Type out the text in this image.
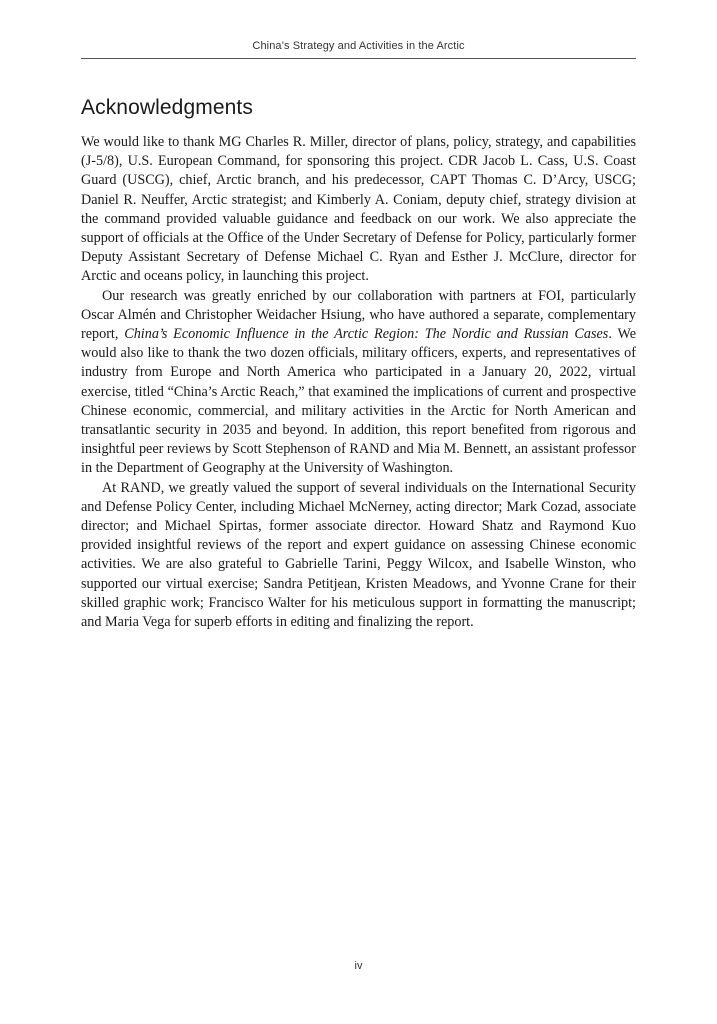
China’s Strategy and Activities in the Arctic
Acknowledgments

We would like to thank MG Charles R. Miller, director of plans, policy, strategy, and capabilities (J-5/8), U.S. European Command, for sponsoring this project. CDR Jacob L. Cass, U.S. Coast Guard (USCG), chief, Arctic branch, and his predecessor, CAPT Thomas C. D’Arcy, USCG; Daniel R. Neuffer, Arctic strategist; and Kimberly A. Coniam, deputy chief, strategy division at the command provided valuable guidance and feedback on our work. We also appreciate the support of officials at the Office of the Under Secretary of Defense for Policy, particularly former Deputy Assistant Secretary of Defense Michael C. Ryan and Esther J. McClure, director for Arctic and oceans policy, in launching this project.

Our research was greatly enriched by our collaboration with partners at FOI, particularly Oscar Almén and Christopher Weidacher Hsiung, who have authored a separate, complementary report, China’s Economic Influence in the Arctic Region: The Nordic and Russian Cases. We would also like to thank the two dozen officials, military officers, experts, and representatives of industry from Europe and North America who participated in a January 20, 2022, virtual exercise, titled “China’s Arctic Reach,” that examined the implications of current and prospective Chinese economic, commercial, and military activities in the Arctic for North American and transatlantic security in 2035 and beyond. In addition, this report benefited from rigorous and insightful peer reviews by Scott Stephenson of RAND and Mia M. Bennett, an assistant professor in the Department of Geography at the University of Washington.

At RAND, we greatly valued the support of several individuals on the International Security and Defense Policy Center, including Michael McNerney, acting director; Mark Cozad, associate director; and Michael Spirtas, former associate director. Howard Shatz and Raymond Kuo provided insightful reviews of the report and expert guidance on assessing Chinese economic activities. We are also grateful to Gabrielle Tarini, Peggy Wilcox, and Isabelle Winston, who supported our virtual exercise; Sandra Petitjean, Kristen Meadows, and Yvonne Crane for their skilled graphic work; Francisco Walter for his meticulous support in formatting the manuscript; and Maria Vega for superb efforts in editing and finalizing the report.

iv
